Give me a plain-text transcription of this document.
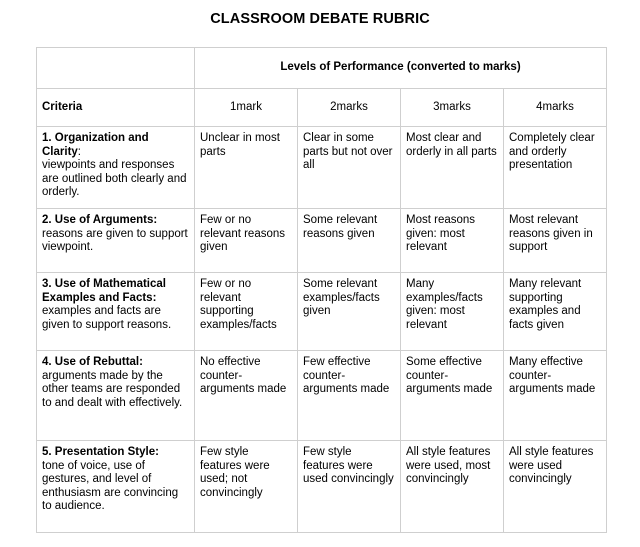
CLASSROOM DEBATE RUBRIC
	Levels of Performance (converted to marks)			
Criteria	1mark	2marks	3marks	4marks
1. Organization and Clarity:
viewpoints and responses are outlined both clearly and orderly.	Unclear in most parts	Clear in some parts but not over all	Most clear and orderly in all parts	Completely clear and orderly presentation
2. Use of Arguments:
reasons are given to support viewpoint.	Few or no relevant reasons given	Some relevant reasons given	Most reasons given: most relevant	Most relevant reasons given in support
3. Use of Mathematical Examples and Facts:
examples and facts are given to support reasons.	Few or no relevant supporting examples/facts	Some relevant examples/facts given	Many examples/facts given: most relevant	Many relevant supporting examples and facts given
4. Use of Rebuttal:
arguments made by the other teams are responded to and dealt with effectively.	No effective counter-arguments made	Few effective counter-arguments made	Some effective counter-arguments made	Many effective counter-arguments made
5. Presentation Style:
tone of voice, use of gestures, and level of enthusiasm are convincing to audience.	Few style features were used; not convincingly	Few style features were used convincingly	All style features were used, most convincingly	All style features were used convincingly
